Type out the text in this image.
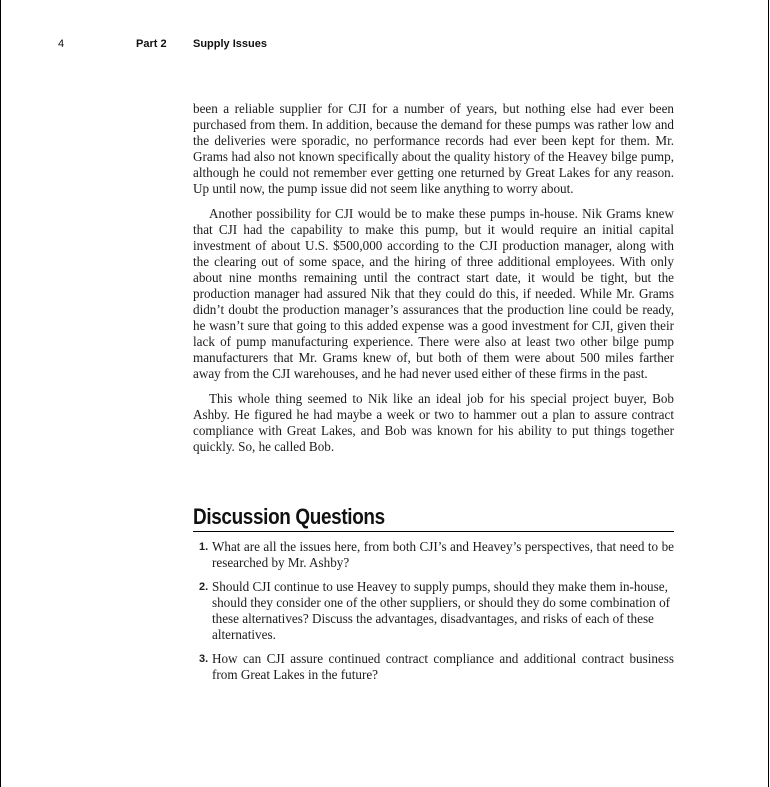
4	Part 2 Supply Issues

been a reliable supplier for CJI for a number of years, but nothing else had ever been purchased from them. In addition, because the demand for these pumps was rather low and the deliveries were sporadic, no performance records had ever been kept for them. Mr. Grams had also not known specifically about the quality history of the Heavey bilge pump, although he could not remember ever getting one returned by Great Lakes for any reason. Up until now, the pump issue did not seem like anything to worry about.

Another possibility for CJI would be to make these pumps in-house. Nik Grams knew that CJI had the capability to make this pump, but it would require an initial capital investment of about U.S. $500,000 according to the CJI production manager, along with the clearing out of some space, and the hiring of three additional employees. With only about nine months remaining until the contract start date, it would be tight, but the production manager had assured Nik that they could do this, if needed. While Mr. Grams didn’t doubt the production manager’s assurances that the production line could be ready, he wasn’t sure that going to this added expense was a good investment for CJI, given their lack of pump manufacturing experience. There were also at least two other bilge pump manufacturers that Mr. Grams knew of, but both of them were about 500 miles farther away from the CJI warehouses, and he had never used either of these firms in the past.

This whole thing seemed to Nik like an ideal job for his special project buyer, Bob Ashby. He figured he had maybe a week or two to hammer out a plan to assure contract compliance with Great Lakes, and Bob was known for his ability to put things together quickly. So, he called Bob.

Discussion Questions
1. What are all the issues here, from both CJI’s and Heavey’s perspectives, that need to be researched by Mr. Ashby?
2. Should CJI continue to use Heavey to supply pumps, should they make them in-house, should they consider one of the other suppliers, or should they do some combination of these alternatives? Discuss the advantages, disadvantages, and risks of each of these alternatives.
3. How can CJI assure continued contract compliance and additional contract business from Great Lakes in the future?
